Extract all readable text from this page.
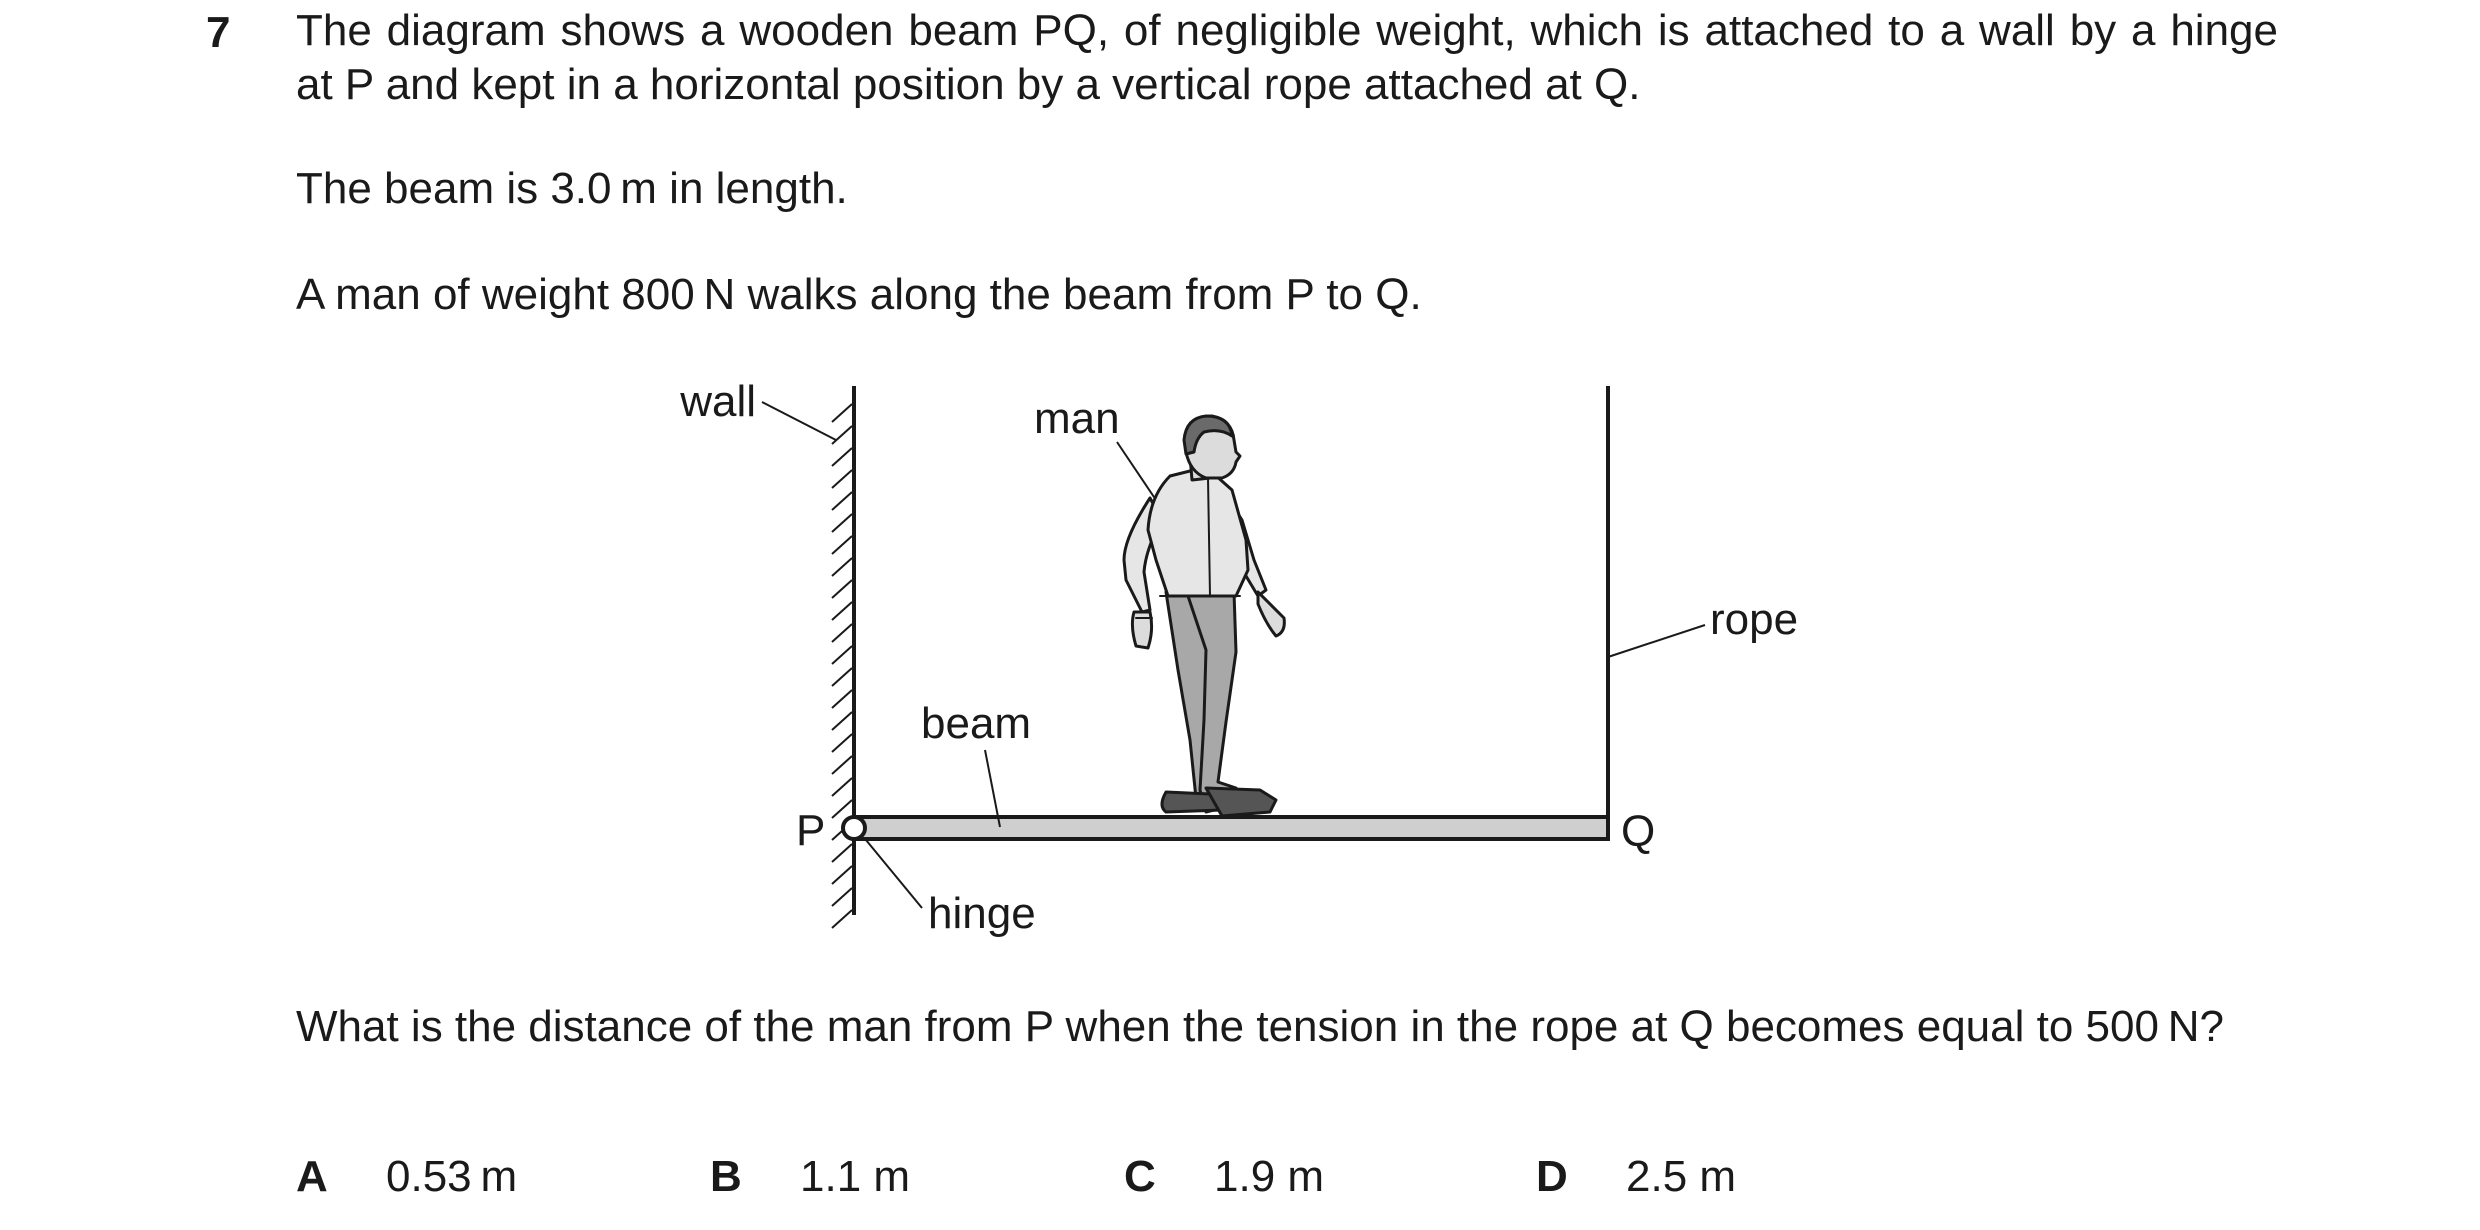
7 The diagram shows a wooden beam PQ, of negligible weight, which is attached to a wall by a hinge at P and kept in a horizontal position by a vertical rope attached at Q.
The beam is 3.0 m in length.
A man of weight 800 N walks along the beam from P to Q.
wall
rope
beam
hinge
P	Q
man
What is the distance of the man from P when the tension in the rope at Q becomes equal to 500 N?
A 0.53 m	B 1.1 m	C 1.9 m	D 2.5 m
